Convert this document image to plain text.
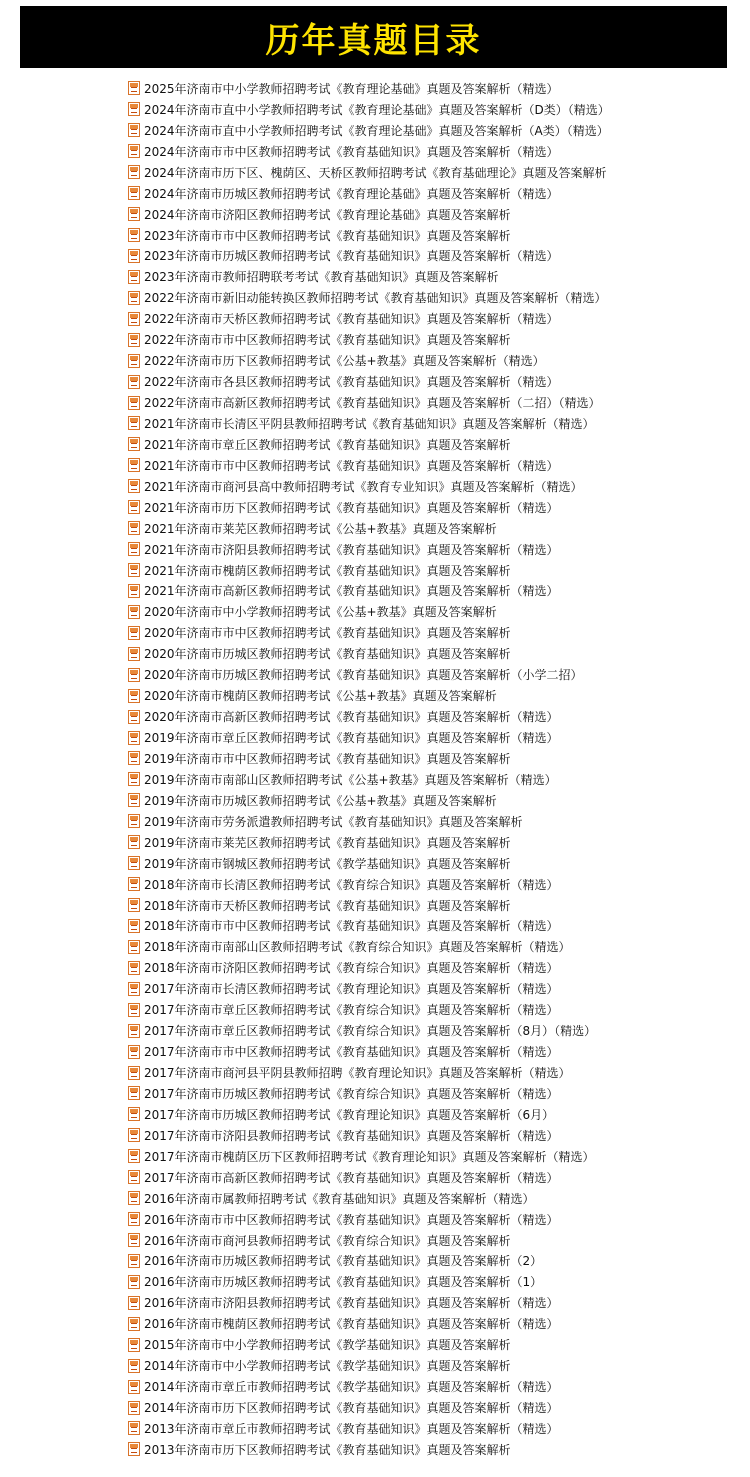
历年真题目录
2025年济南市中小学教师招聘考试《教育理论基础》真题及答案解析（精选）
2024年济南市直中小学教师招聘考试《教育理论基础》真题及答案解析（D类）（精选）
2024年济南市直中小学教师招聘考试《教育理论基础》真题及答案解析（A类）（精选）
2024年济南市市中区教师招聘考试《教育基础知识》真题及答案解析（精选）
2024年济南市历下区、槐荫区、天桥区教师招聘考试《教育基础理论》真题及答案解析
2024年济南市历城区教师招聘考试《教育理论基础》真题及答案解析（精选）
2024年济南市济阳区教师招聘考试《教育理论基础》真题及答案解析
2023年济南市市中区教师招聘考试《教育基础知识》真题及答案解析
2023年济南市历城区教师招聘考试《教育基础知识》真题及答案解析（精选）
2023年济南市教师招聘联考考试《教育基础知识》真题及答案解析
2022年济南市新旧动能转换区教师招聘考试《教育基础知识》真题及答案解析（精选）
2022年济南市天桥区教师招聘考试《教育基础知识》真题及答案解析（精选）
2022年济南市市中区教师招聘考试《教育基础知识》真题及答案解析
2022年济南市历下区教师招聘考试《公基+教基》真题及答案解析（精选）
2022年济南市各县区教师招聘考试《教育基础知识》真题及答案解析（精选）
2022年济南市高新区教师招聘考试《教育基础知识》真题及答案解析（二招）（精选）
2021年济南市长清区平阴县教师招聘考试《教育基础知识》真题及答案解析（精选）
2021年济南市章丘区教师招聘考试《教育基础知识》真题及答案解析
2021年济南市市中区教师招聘考试《教育基础知识》真题及答案解析（精选）
2021年济南市商河县高中教师招聘考试《教育专业知识》真题及答案解析（精选）
2021年济南市历下区教师招聘考试《教育基础知识》真题及答案解析（精选）
2021年济南市莱芜区教师招聘考试《公基+教基》真题及答案解析
2021年济南市济阳县教师招聘考试《教育基础知识》真题及答案解析（精选）
2021年济南市槐荫区教师招聘考试《教育基础知识》真题及答案解析
2021年济南市高新区教师招聘考试《教育基础知识》真题及答案解析（精选）
2020年济南市中小学教师招聘考试《公基+教基》真题及答案解析
2020年济南市市中区教师招聘考试《教育基础知识》真题及答案解析
2020年济南市历城区教师招聘考试《教育基础知识》真题及答案解析
2020年济南市历城区教师招聘考试《教育基础知识》真题及答案解析（小学二招）
2020年济南市槐荫区教师招聘考试《公基+教基》真题及答案解析
2020年济南市高新区教师招聘考试《教育基础知识》真题及答案解析（精选）
2019年济南市章丘区教师招聘考试《教育基础知识》真题及答案解析（精选）
2019年济南市市中区教师招聘考试《教育基础知识》真题及答案解析
2019年济南市南部山区教师招聘考试《公基+教基》真题及答案解析（精选）
2019年济南市历城区教师招聘考试《公基+教基》真题及答案解析
2019年济南市劳务派遣教师招聘考试《教育基础知识》真题及答案解析
2019年济南市莱芜区教师招聘考试《教育基础知识》真题及答案解析
2019年济南市钢城区教师招聘考试《教学基础知识》真题及答案解析
2018年济南市长清区教师招聘考试《教育综合知识》真题及答案解析（精选）
2018年济南市天桥区教师招聘考试《教育基础知识》真题及答案解析
2018年济南市市中区教师招聘考试《教育基础知识》真题及答案解析（精选）
2018年济南市南部山区教师招聘考试《教育综合知识》真题及答案解析（精选）
2018年济南市济阳区教师招聘考试《教育综合知识》真题及答案解析（精选）
2017年济南市长清区教师招聘考试《教育理论知识》真题及答案解析（精选）
2017年济南市章丘区教师招聘考试《教育综合知识》真题及答案解析（精选）
2017年济南市章丘区教师招聘考试《教育综合知识》真题及答案解析（8月）（精选）
2017年济南市市中区教师招聘考试《教育基础知识》真题及答案解析（精选）
2017年济南市商河县平阴县教师招聘《教育理论知识》真题及答案解析（精选）
2017年济南市历城区教师招聘考试《教育综合知识》真题及答案解析（精选）
2017年济南市历城区教师招聘考试《教育理论知识》真题及答案解析（6月）
2017年济南市济阳县教师招聘考试《教育基础知识》真题及答案解析（精选）
2017年济南市槐荫区历下区教师招聘考试《教育理论知识》真题及答案解析（精选）
2017年济南市高新区教师招聘考试《教育基础知识》真题及答案解析（精选）
2016年济南市属教师招聘考试《教育基础知识》真题及答案解析（精选）
2016年济南市市中区教师招聘考试《教育基础知识》真题及答案解析（精选）
2016年济南市商河县教师招聘考试《教育综合知识》真题及答案解析
2016年济南市历城区教师招聘考试《教育基础知识》真题及答案解析（2）
2016年济南市历城区教师招聘考试《教育基础知识》真题及答案解析（1）
2016年济南市济阳县教师招聘考试《教育基础知识》真题及答案解析（精选）
2016年济南市槐荫区教师招聘考试《教育基础知识》真题及答案解析（精选）
2015年济南市中小学教师招聘考试《教学基础知识》真题及答案解析
2014年济南市中小学教师招聘考试《教学基础知识》真题及答案解析
2014年济南市章丘市教师招聘考试《教学基础知识》真题及答案解析（精选）
2014年济南市历下区教师招聘考试《教育基础知识》真题及答案解析（精选）
2013年济南市章丘市教师招聘考试《教育基础知识》真题及答案解析（精选）
2013年济南市历下区教师招聘考试《教育基础知识》真题及答案解析
